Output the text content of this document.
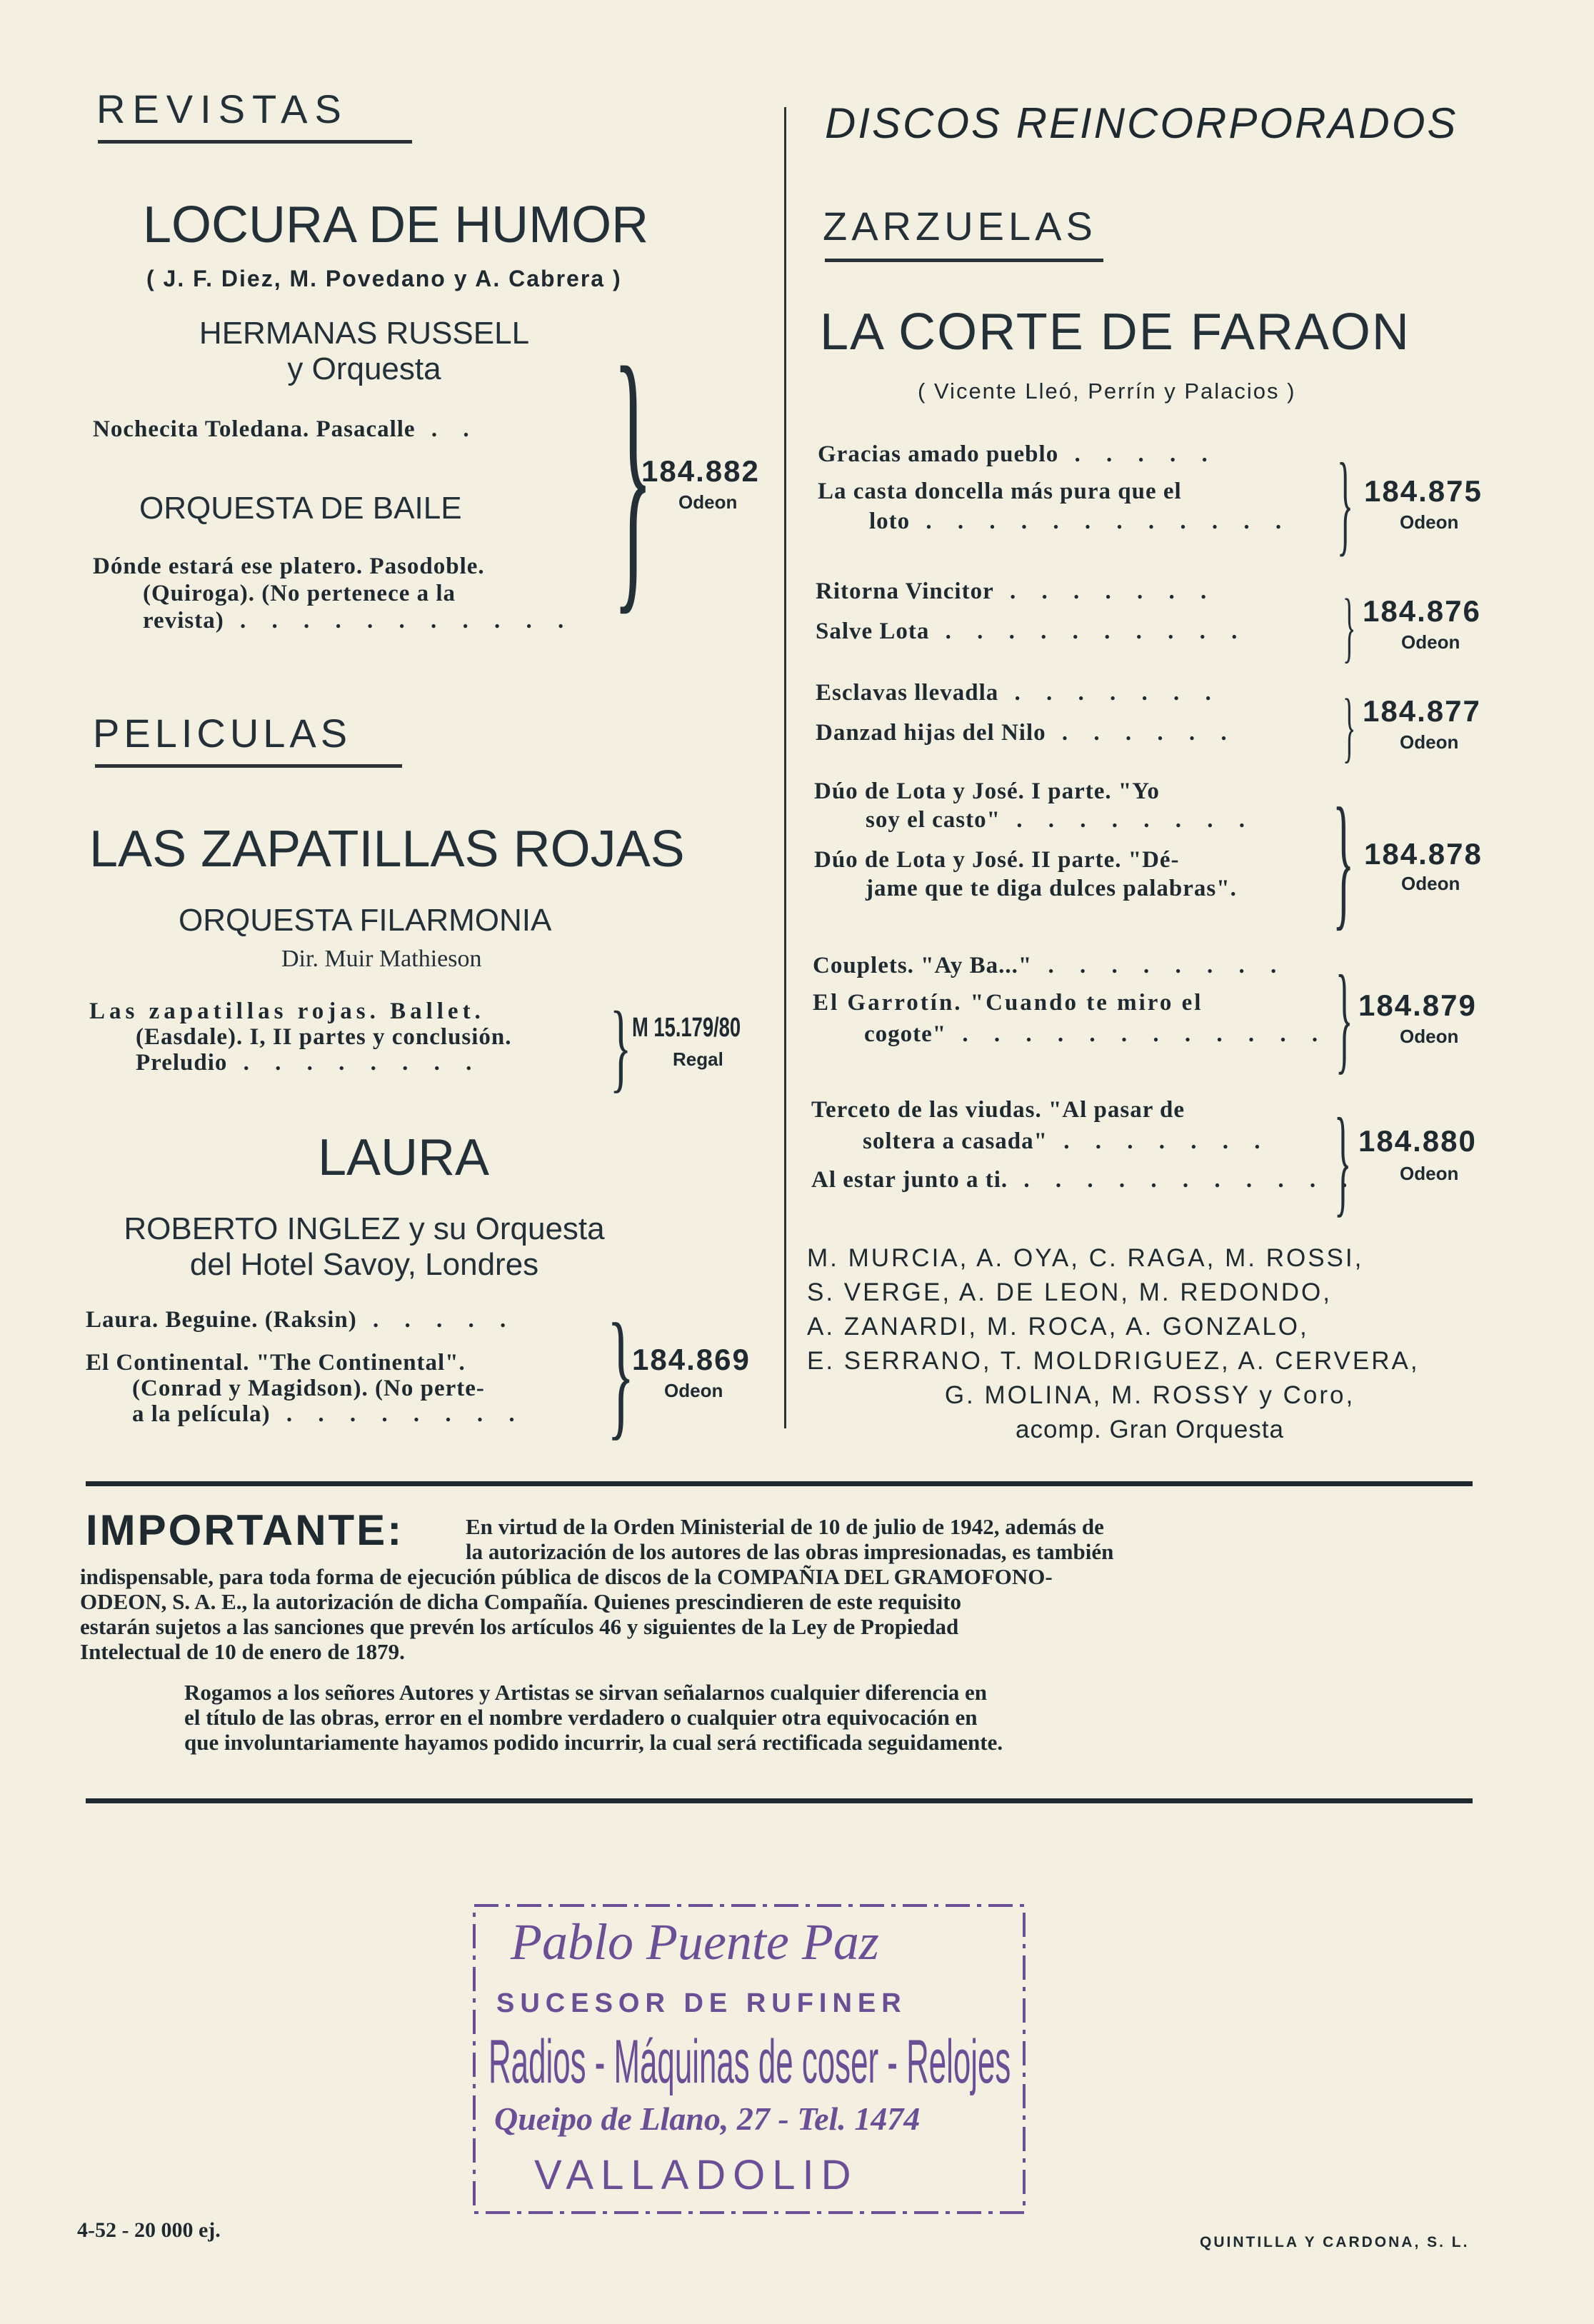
REVISTAS
LOCURA DE HUMOR
( J. F. Diez, M. Povedano y A. Cabrera )
HERMANAS RUSSELL
y Orquesta
Nochecita Toledana. Pasacalle . .
ORQUESTA DE BAILE
Dónde estará ese platero. Pasodoble.
(Quiroga). (No pertenece a la
revista) . . . . . . . . . . . }
184.882
Odeon
PELICULAS
LAS ZAPATILLAS ROJAS
ORQUESTA FILARMONIA
Dir. Muir Mathieson
Las zapatillas rojas. Ballet.
(Easdale). I, II partes y conclusión.
Preludio . . . . . . . .	} M 15.179/80
Regal
LAURA
ROBERTO INGLEZ y su Orquesta
del Hotel Savoy, Londres
Laura. Beguine. (Raksin) . . . . .
El Continental. "The Continental".
(Conrad y Magidson). (No perte-
a la película) . . . . . . . . }
184.869
Odeon
DISCOS REINCORPORADOS
ZARZUELAS
LA CORTE DE FARAON
( Vicente Lleó, Perrín y Palacios )
Gracias amado pueblo . . . . .
La casta doncella más pura que el
loto . . . . . . . . . . . . } 184.875
Odeon
Ritorna Vincitor . . . . . . .
Salve Lota . . . . . . . . . . } 184.876
Odeon
Esclavas llevadla . . . . . . .
Danzad hijas del Nilo . . . . . . } 184.877
Odeon
Dúo de Lota y José. I parte. "Yo
soy el casto" . . . . . . . .
Dúo de Lota y José. II parte. "Dé-
jame que te diga dulces palabras". } 184.878
Odeon
Couplets. "Ay Ba..." . . . . . . . .
El Garrotín. "Cuando te miro el
cogote" . . . . . . . . . . . . } 184.879
Odeon
Terceto de las viudas. "Al pasar de
soltera a casada" . . . . . . .
Al estar junto a ti. . . . . . . . . . . .
} 184.880
Odeon
M. MURCIA, A. OYA, C. RAGA, M. ROSSI,
S. VERGE, A. DE LEON, M. REDONDO,
A. ZANARDI, M. ROCA, A. GONZALO,
E. SERRANO, T. MOLDRIGUEZ, A. CERVERA,
G. MOLINA, M. ROSSY y Coro,
acomp. Gran Orquesta
IMPORTANTE:	En virtud de la Orden Ministerial de 10 de julio de 1942, además de
la autorización de los autores de las obras impresionadas, es también
indispensable, para toda forma de ejecución pública de discos de la COMPAÑIA DEL GRAMOFONO-
ODEON, S. A. E., la autorización de dicha Compañía. Quienes prescindieren de este requisito
estarán sujetos a las sanciones que prevén los artículos 46 y siguientes de la Ley de Propiedad
Intelectual de 10 de enero de 1879.
Rogamos a los señores Autores y Artistas se sirvan señalarnos cualquier diferencia en
el título de las obras, error en el nombre verdadero o cualquier otra equivocación en
que involuntariamente hayamos podido incurrir, la cual será rectificada seguidamente.
Pablo Puente Paz
SUCESOR DE RUFINER
Radios - Máquinas de coser - Relojes
Queipo de Llano, 27 - Tel. 1474
VALLADOLID
4-52 - 20 000 ej.
QUINTILLA Y CARDONA, S. L.
